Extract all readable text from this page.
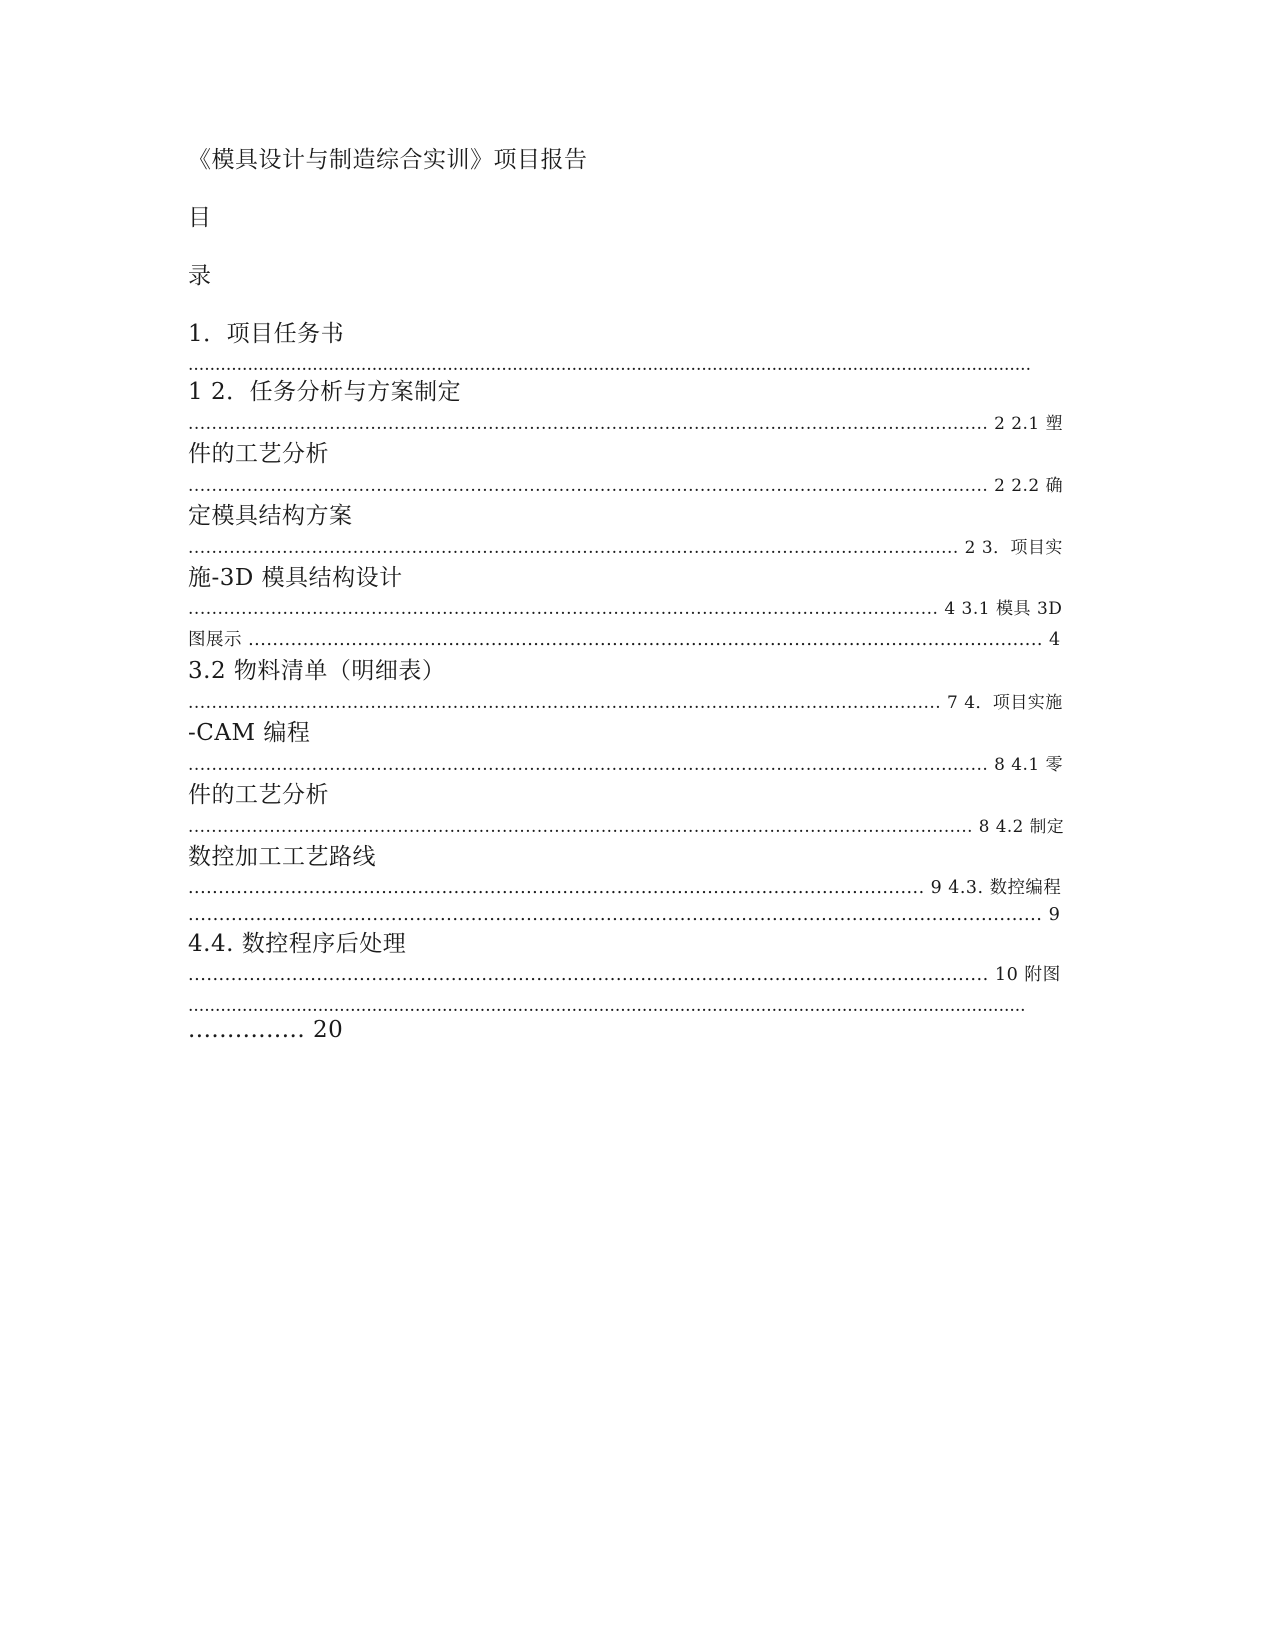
《模具设计与制造综合实训》项目报告
目
录
1．项目任务书
............................................................................................................................................................
1 2．任务分析与方案制定
........................................................................................................................................ 2 2.1 塑
件的工艺分析
........................................................................................................................................ 2 2.2 确
定模具结构方案
................................................................................................................................... 2 3．项目实
施-3D 模具结构设计
............................................................................................................................... 4 3.1 模具 3D
图展示 ................................................................................................................................... 4
3.2 物料清单（明细表）
................................................................................................................................ 7 4．项目实施
-CAM 编程
........................................................................................................................................ 8 4.1 零
件的工艺分析
....................................................................................................................................... 8 4.2 制定
数控加工工艺路线
.......................................................................................................................... 9 4.3. 数控编程
........................................................................................................................................... 9
4.4. 数控程序后处理
................................................................................................................................... 10 附图
...........................................................................................................................................................
............... 20
